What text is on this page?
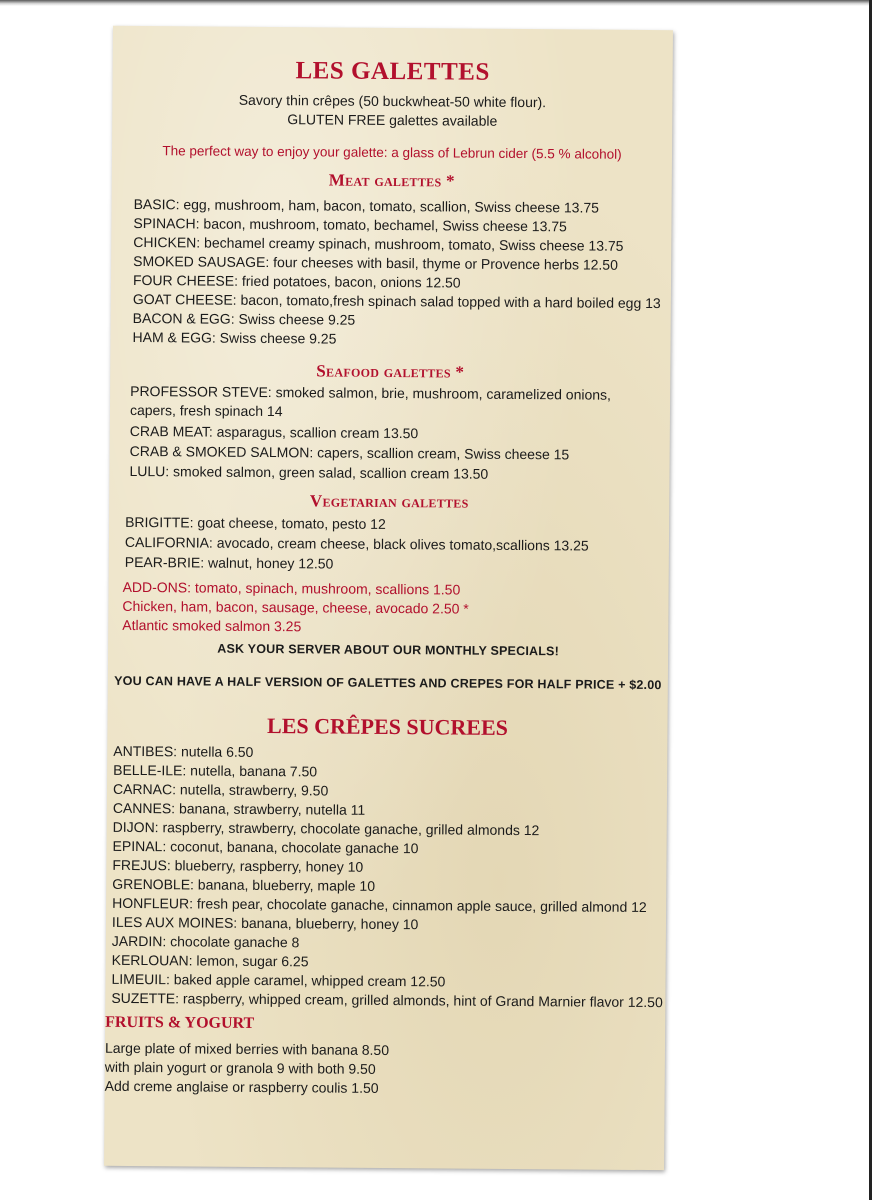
LES GALETTES
Savory thin crêpes (50 buckwheat-50 white flour).
GLUTEN FREE galettes available
The perfect way to enjoy your galette: a glass of Lebrun cider (5.5 % alcohol)
Meat galettes *
BASIC: egg, mushroom, ham, bacon, tomato, scallion, Swiss cheese 13.75
SPINACH: bacon, mushroom, tomato, bechamel, Swiss cheese 13.75
CHICKEN: bechamel creamy spinach, mushroom, tomato, Swiss cheese 13.75
SMOKED SAUSAGE: four cheeses with basil, thyme or Provence herbs 12.50
FOUR CHEESE: fried potatoes, bacon, onions 12.50
GOAT CHEESE: bacon, tomato,fresh spinach salad topped with a hard boiled egg 13
BACON & EGG: Swiss cheese 9.25
HAM & EGG: Swiss cheese 9.25
Seafood galettes *
PROFESSOR STEVE: smoked salmon, brie, mushroom, caramelized onions, capers, fresh spinach 14
CRAB MEAT: asparagus, scallion cream 13.50
CRAB & SMOKED SALMON: capers, scallion cream, Swiss cheese 15
LULU: smoked salmon, green salad, scallion cream 13.50
Vegetarian galettes
BRIGITTE: goat cheese, tomato, pesto 12
CALIFORNIA: avocado, cream cheese, black olives tomato,scallions 13.25
PEAR-BRIE: walnut, honey 12.50
ADD-ONS: tomato, spinach, mushroom, scallions 1.50
Chicken, ham, bacon, sausage, cheese, avocado 2.50 *
Atlantic smoked salmon 3.25
ASK YOUR SERVER ABOUT OUR MONTHLY SPECIALS!
YOU CAN HAVE A HALF VERSION OF GALETTES AND CREPES FOR HALF PRICE + $2.00
LES CRÊPES SUCREES
ANTIBES: nutella 6.50
BELLE-ILE: nutella, banana 7.50
CARNAC: nutella, strawberry, 9.50
CANNES: banana, strawberry, nutella 11
DIJON: raspberry, strawberry, chocolate ganache, grilled almonds 12
EPINAL: coconut, banana, chocolate ganache 10
FREJUS: blueberry, raspberry, honey 10
GRENOBLE: banana, blueberry, maple 10
HONFLEUR: fresh pear, chocolate ganache, cinnamon apple sauce, grilled almond 12
ILES AUX MOINES: banana, blueberry, honey 10
JARDIN: chocolate ganache 8
KERLOUAN: lemon, sugar 6.25
LIMEUIL: baked apple caramel, whipped cream 12.50
SUZETTE: raspberry, whipped cream, grilled almonds, hint of Grand Marnier flavor 12.50
FRUITS & YOGURT
Large plate of mixed berries with banana 8.50
with plain yogurt or granola 9 with both 9.50
Add creme anglaise or raspberry coulis 1.50
